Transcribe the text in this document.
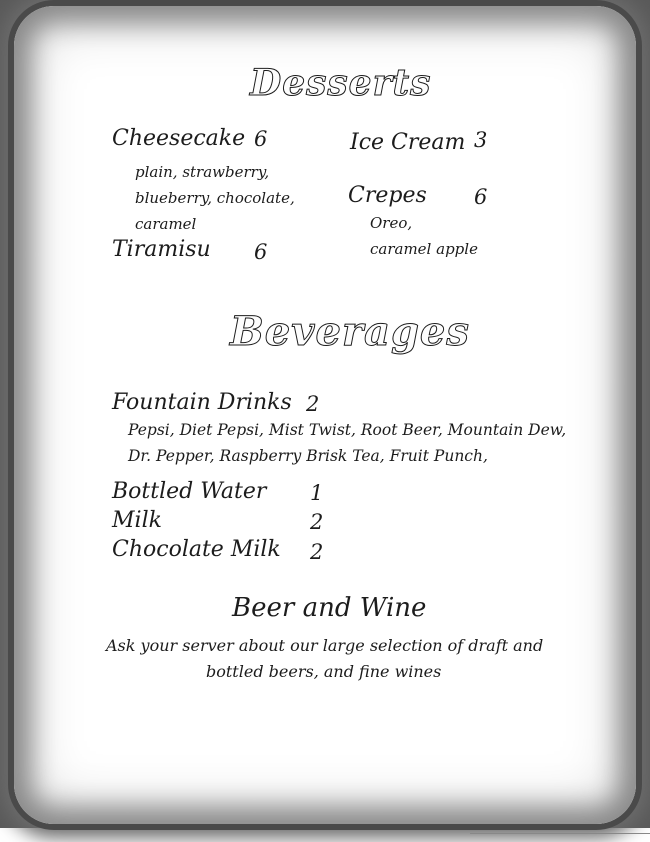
Desserts
Cheesecake 6
plain, strawberry,
blueberry, chocolate,
caramel
Tiramisu 6
Ice Cream 3
Crepes 6
Oreo,
caramel apple
Beverages
Fountain Drinks 2
Pepsi, Diet Pepsi, Mist Twist, Root Beer, Mountain Dew,
Dr. Pepper, Raspberry Brisk Tea, Fruit Punch,
Bottled Water 1
Milk	2
Chocolate Milk 2
Beer and Wine
Ask your server about our large selection of draft and
bottled beers, and fine wines
